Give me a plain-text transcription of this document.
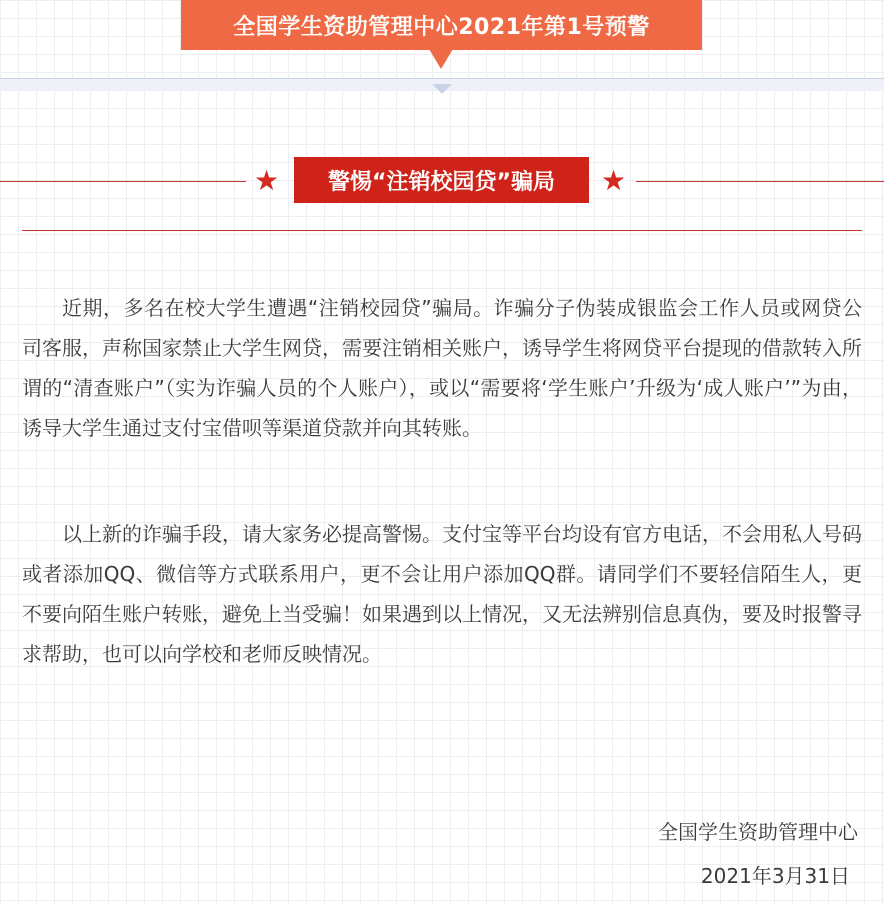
全国学生资助管理中心2021年第1号预警
★ 警惕“注销校园贷”骗局 ★

近期，多名在校大学生遭遇“注销校园贷”骗局。诈骗分子伪装成银监会工作人员或网贷公司客服，声称国家禁止大学生网贷，需要注销相关账户，诱导学生将网贷平台提现的借款转入所谓的“清查账户”（实为诈骗人员的个人账户），或以“需要将‘学生账户’升级为‘成人账户’”为由，诱导大学生通过支付宝借呗等渠道贷款并向其转账。

以上新的诈骗手段，请大家务必提高警惕。支付宝等平台均设有官方电话，不会用私人号码或者添加QQ、微信等方式联系用户，更不会让用户添加QQ群。请同学们不要轻信陌生人，更不要向陌生账户转账，避免上当受骗！如果遇到以上情况，又无法辨别信息真伪，要及时报警寻求帮助，也可以向学校和老师反映情况。

全国学生资助管理中心
2021年3月31日
